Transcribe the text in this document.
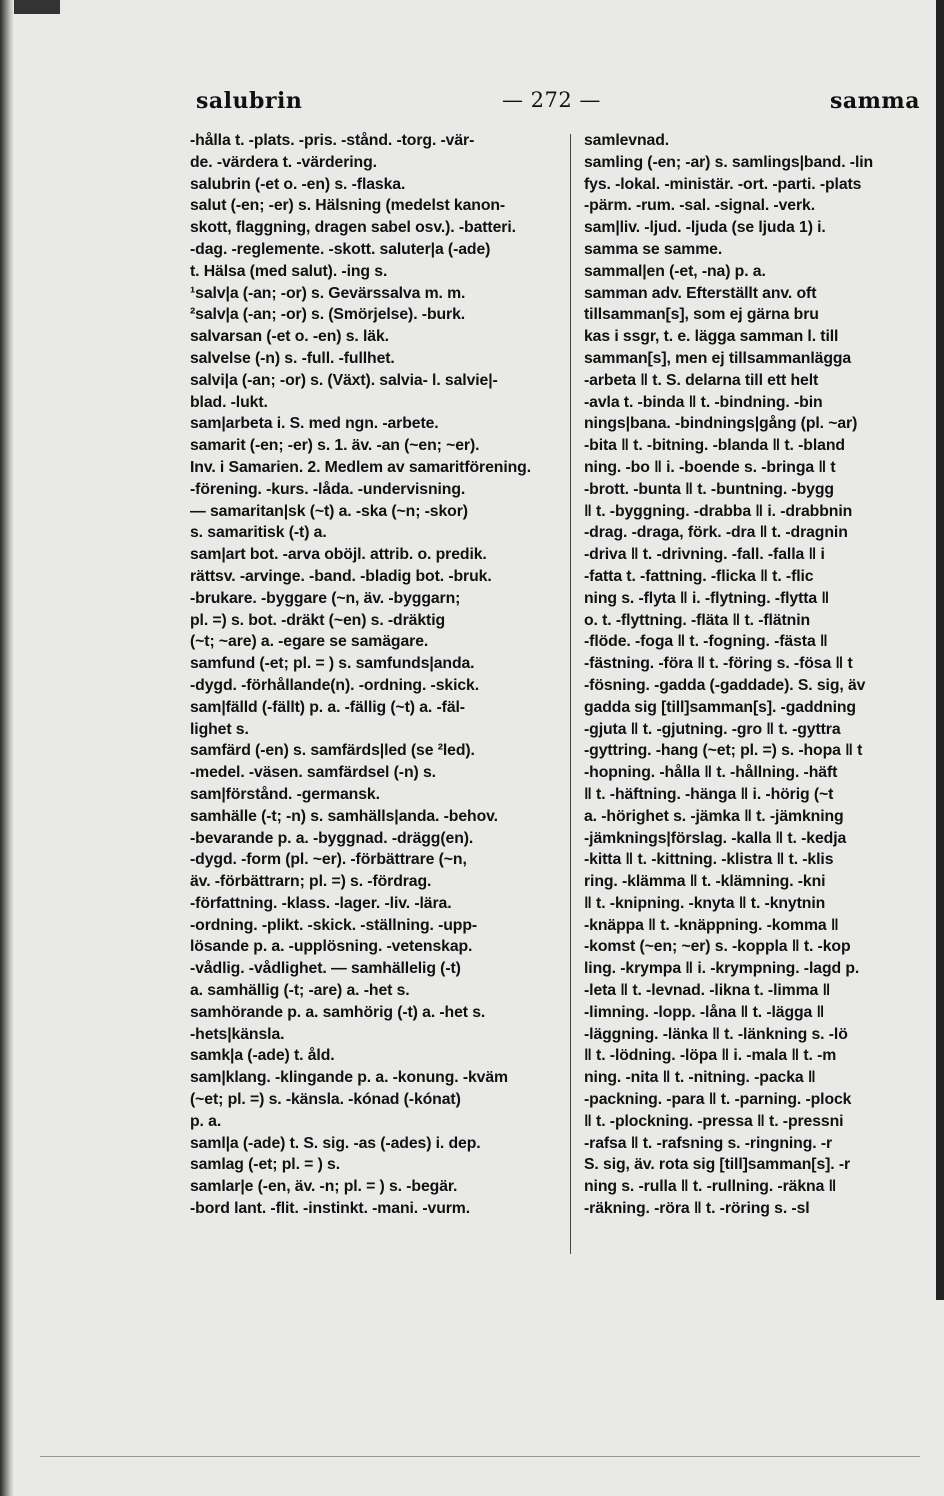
salubrin	— 272 —	samma
-hålla t. -plats. -pris. -stånd. -torg. -vär-
de. -värdera t. -värdering.
salubrin (-et o. -en) s. -flaska.
salut (-en; -er) s. Hälsning (medelst kanon-
skott, flaggning, dragen sabel osv.). -batteri.
-dag. -reglemente. -skott. saluter|a (-ade)
t. Hälsa (med salut). -ing s.
¹salv|a (-an; -or) s. Gevärssalva m. m.
²salv|a (-an; -or) s. (Smörjelse). -burk.
salvarsan (-et o. -en) s. läk.
salvelse (-n) s. -full. -fullhet.
salvi|a (-an; -or) s. (Växt). salvia- l. salvie|-
blad. -lukt.
sam|arbeta i. S. med ngn. -arbete.
samarit (-en; -er) s. 1. äv. -an (~en; ~er).
Inv. i Samarien. 2. Medlem av samaritförening.
-förening. -kurs. -låda. -undervisning.
— samaritan|sk (~t) a. -ska (~n; -skor)
s. samaritisk (-t) a.
sam|art bot. -arva oböjl. attrib. o. predik.
rättsv. -arvinge. -band. -bladig bot. -bruk.
-brukare. -byggare (~n, äv. -byggarn;
pl. =) s. bot. -dräkt (~en) s. -dräktig
(~t; ~are) a. -egare se samägare.
samfund (-et; pl. = ) s. samfunds|anda.
-dygd. -förhållande(n). -ordning. -skick.
sam|fälld (-fällt) p. a. -fällig (~t) a. -fäl-
lighet s.
samfärd (-en) s. samfärds|led (se ²led).
-medel. -väsen. samfärdsel (-n) s.
sam|förstånd. -germansk.
samhälle (-t; -n) s. samhälls|anda. -behov.
-bevarande p. a. -byggnad. -drägg(en).
-dygd. -form (pl. ~er). -förbättrare (~n,
äv. -förbättrarn; pl. =) s. -fördrag.
-författning. -klass. -lager. -liv. -lära.
-ordning. -plikt. -skick. -ställning. -upp-
lösande p. a. -upplösning. -vetenskap.
-vådlig. -vådlighet. — samhällelig (-t)
a. samhällig (-t; -are) a. -het s.
samhörande p. a. samhörig (-t) a. -het s.
-hets|känsla.
samk|a (-ade) t. åld.
sam|klang. -klingande p. a. -konung. -kväm
(~et; pl. =) s. -känsla. -kónad (-kónat)
p. a.
saml|a (-ade) t. S. sig. -as (-ades) i. dep.
samlag (-et; pl. = ) s.
samlar|e (-en, äv. -n; pl. = ) s. -begär.
-bord lant. -flit. -instinkt. -mani. -vurm.
samlevnad.
samling (-en; -ar) s. samlings|band. -lin
fys. -lokal. -ministär. -ort. -parti. -plats
-pärm. -rum. -sal. -signal. -verk.
sam|liv. -ljud. -ljuda (se ljuda 1) i.
samma se samme.
sammal|en (-et, -na) p. a.
samman adv. Efterställt anv. oft
tillsamman[s], som ej gärna bru
kas i ssgr, t. e. lägga samman l. till
samman[s], men ej tillsammanlägga
-arbeta ǁ t. S. delarna till ett helt
-avla t. -binda ǁ t. -bindning. -bin
nings|bana. -bindnings|gång (pl. ~ar)
-bita ǁ t. -bitning. -blanda ǁ t. -bland
ning. -bo ǁ i. -boende s. -bringa ǁ t
-brott. -bunta ǁ t. -buntning. -bygg
ǁ t. -byggning. -drabba ǁ i. -drabbnin
-drag. -draga, förk. -dra ǁ t. -dragnin
-driva ǁ t. -drivning. -fall. -falla ǁ i
-fatta t. -fattning. -flicka ǁ t. -flic
ning s. -flyta ǁ i. -flytning. -flytta ǁ
o. t. -flyttning. -fläta ǁ t. -flätnin
-flöde. -foga ǁ t. -fogning. -fästa ǁ
-fästning. -föra ǁ t. -föring s. -fösa ǁ t
-fösning. -gadda (-gaddade). S. sig, äv
gadda sig [till]samman[s]. -gaddning
-gjuta ǁ t. -gjutning. -gro ǁ t. -gyttra
-gyttring. -hang (~et; pl. =) s. -hopa ǁ t
-hopning. -hålla ǁ t. -hållning. -häft
ǁ t. -häftning. -hänga ǁ i. -hörig (~t
a. -hörighet s. -jämka ǁ t. -jämkning
-jämknings|förslag. -kalla ǁ t. -kedja
-kitta ǁ t. -kittning. -klistra ǁ t. -klis
ring. -klämma ǁ t. -klämning. -kni
ǁ t. -knipning. -knyta ǁ t. -knytnin
-knäppa ǁ t. -knäppning. -komma ǁ
-komst (~en; ~er) s. -koppla ǁ t. -kop
ling. -krympa ǁ i. -krympning. -lagd p.
-leta ǁ t. -levnad. -likna t. -limma ǁ
-limning. -lopp. -låna ǁ t. -lägga ǁ
-läggning. -länka ǁ t. -länkning s. -lö
ǁ t. -lödning. -löpa ǁ i. -mala ǁ t. -m
ning. -nita ǁ t. -nitning. -packa ǁ
-packning. -para ǁ t. -parning. -plock
ǁ t. -plockning. -pressa ǁ t. -pressni
-rafsa ǁ t. -rafsning s. -ringning. -r
S. sig, äv. rota sig [till]samman[s]. -r
ning s. -rulla ǁ t. -rullning. -räkna ǁ
-räkning. -röra ǁ t. -röring s. -sl
